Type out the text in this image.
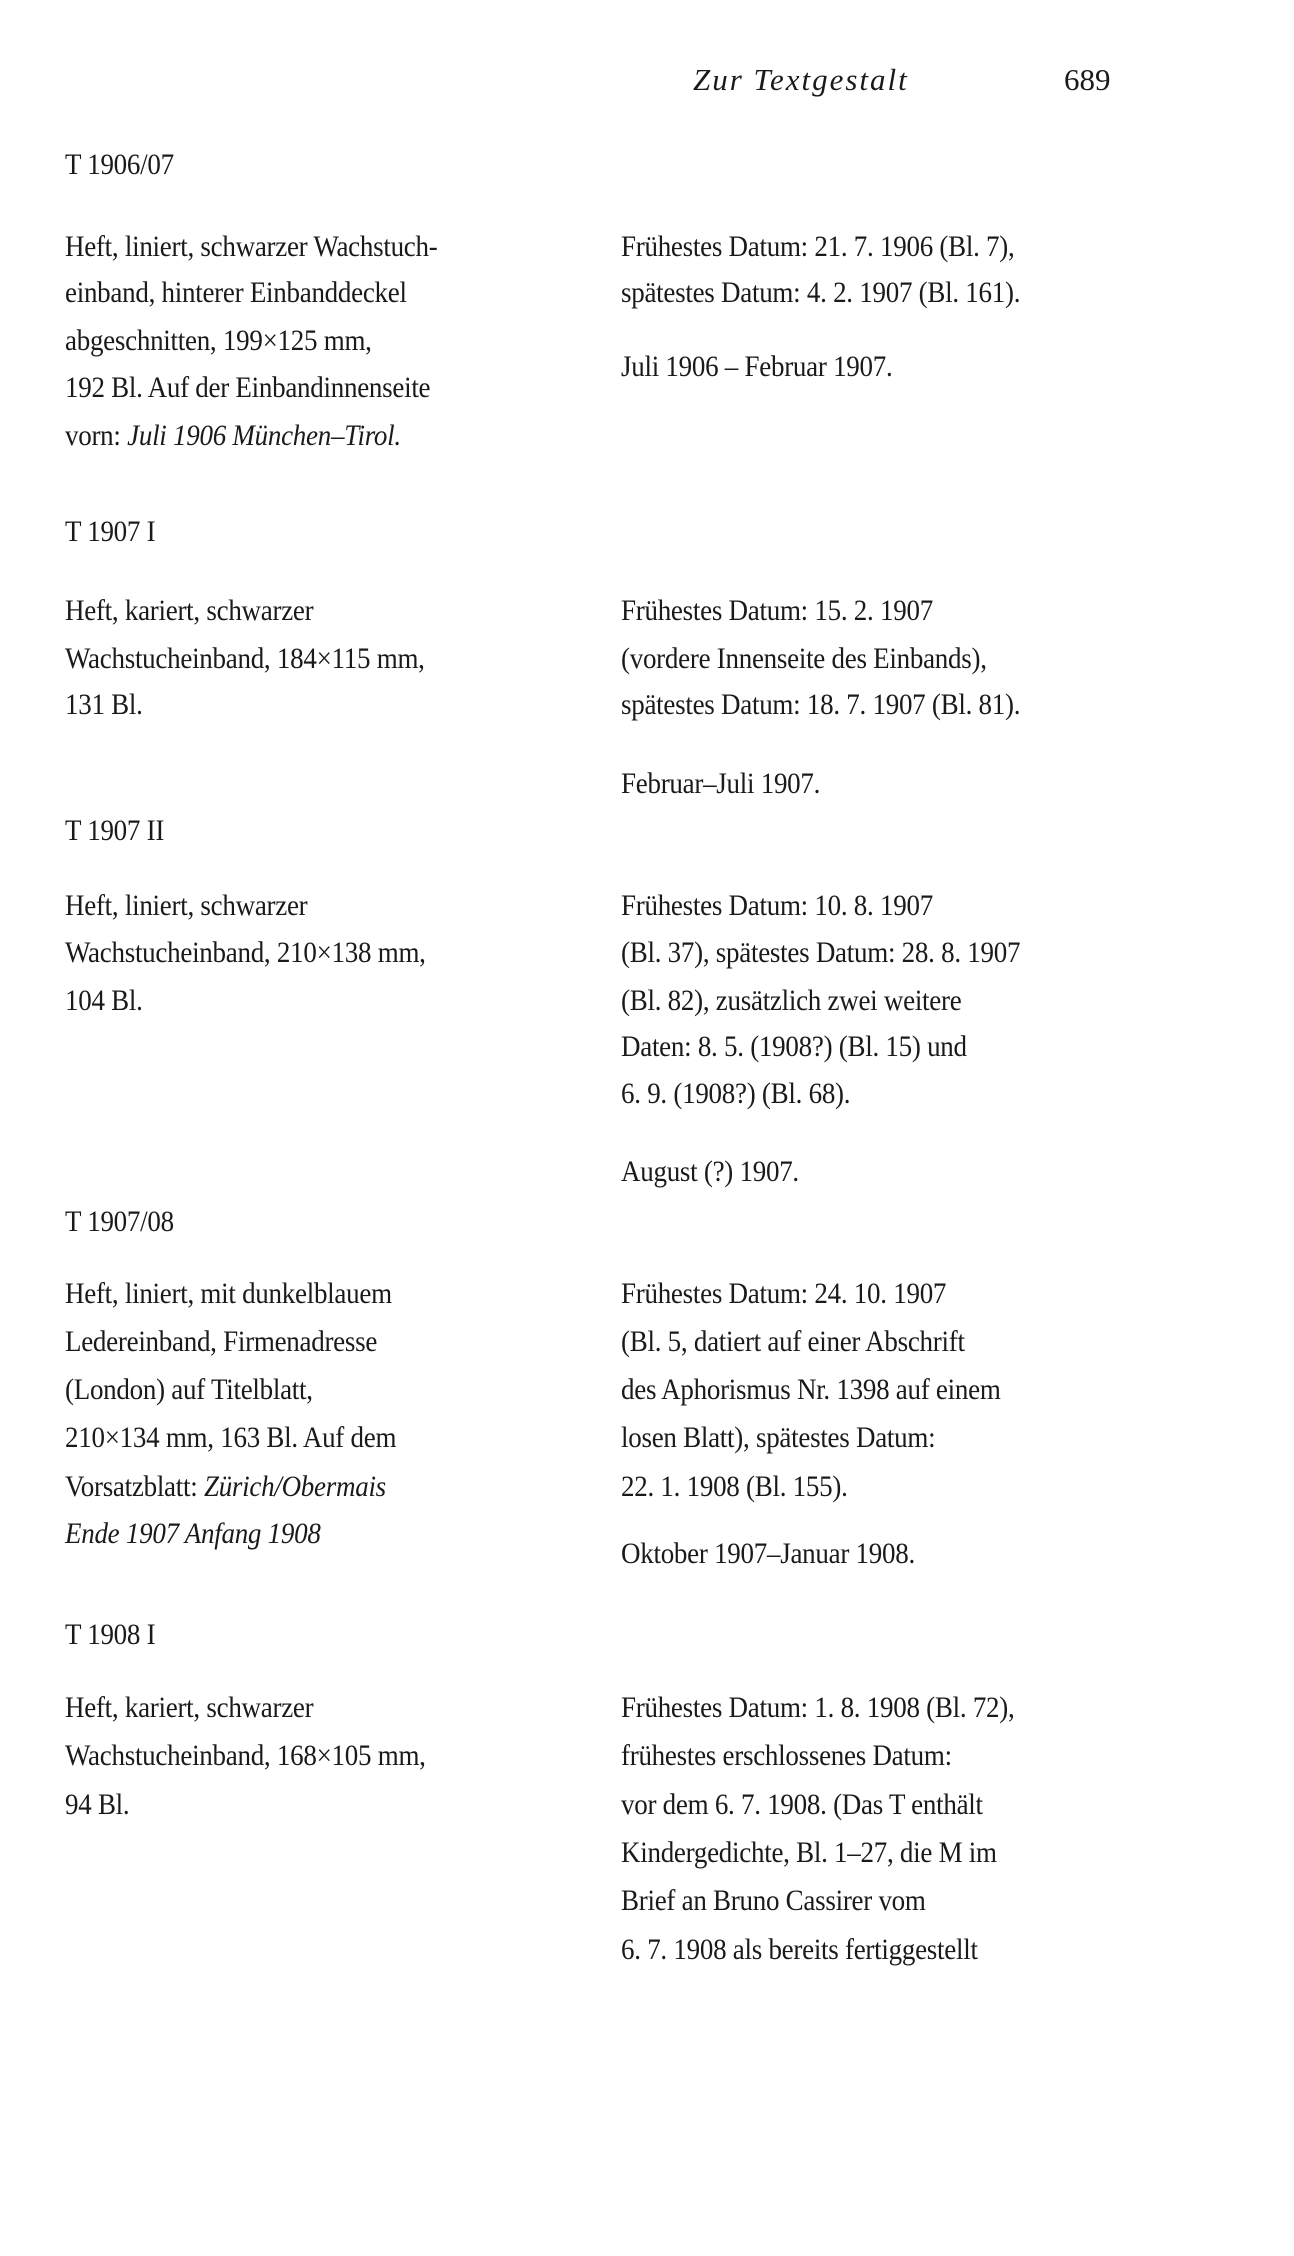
Zur Textgestalt	689
T 1906/07
Heft, liniert, schwarzer Wachstuch-
einband, hinterer Einbanddeckel
abgeschnitten, 199×125 mm,
192 Bl. Auf der Einbandinnenseite
vorn: Juli 1906 München–Tirol.
Frühestes Datum: 21. 7. 1906 (Bl. 7),
spätestes Datum: 4. 2. 1907 (Bl. 161).
Juli 1906 – Februar 1907.
T 1907 I
Heft, kariert, schwarzer
Wachstucheinband, 184×115 mm,
131 Bl.
Frühestes Datum: 15. 2. 1907
(vordere Innenseite des Einbands),
spätestes Datum: 18. 7. 1907 (Bl. 81).
Februar–Juli 1907.
T 1907 II
Heft, liniert, schwarzer
Wachstucheinband, 210×138 mm,
104 Bl.
Frühestes Datum: 10. 8. 1907
(Bl. 37), spätestes Datum: 28. 8. 1907
(Bl. 82), zusätzlich zwei weitere
Daten: 8. 5. (1908?) (Bl. 15) und
6. 9. (1908?) (Bl. 68).
August (?) 1907.
T 1907/08
Heft, liniert, mit dunkelblauem
Ledereinband, Firmenadresse
(London) auf Titelblatt,
210×134 mm, 163 Bl. Auf dem
Vorsatzblatt: Zürich/Obermais
Ende 1907 Anfang 1908
Frühestes Datum: 24. 10. 1907
(Bl. 5, datiert auf einer Abschrift
des Aphorismus Nr. 1398 auf einem
losen Blatt), spätestes Datum:
22. 1. 1908 (Bl. 155).
Oktober 1907–Januar 1908.
T 1908 I
Heft, kariert, schwarzer
Wachstucheinband, 168×105 mm,
94 Bl.
Frühestes Datum: 1. 8. 1908 (Bl. 72),
frühestes erschlossenes Datum:
vor dem 6. 7. 1908. (Das T enthält
Kindergedichte, Bl. 1–27, die M im
Brief an Bruno Cassirer vom
6. 7. 1908 als bereits fertiggestellt
